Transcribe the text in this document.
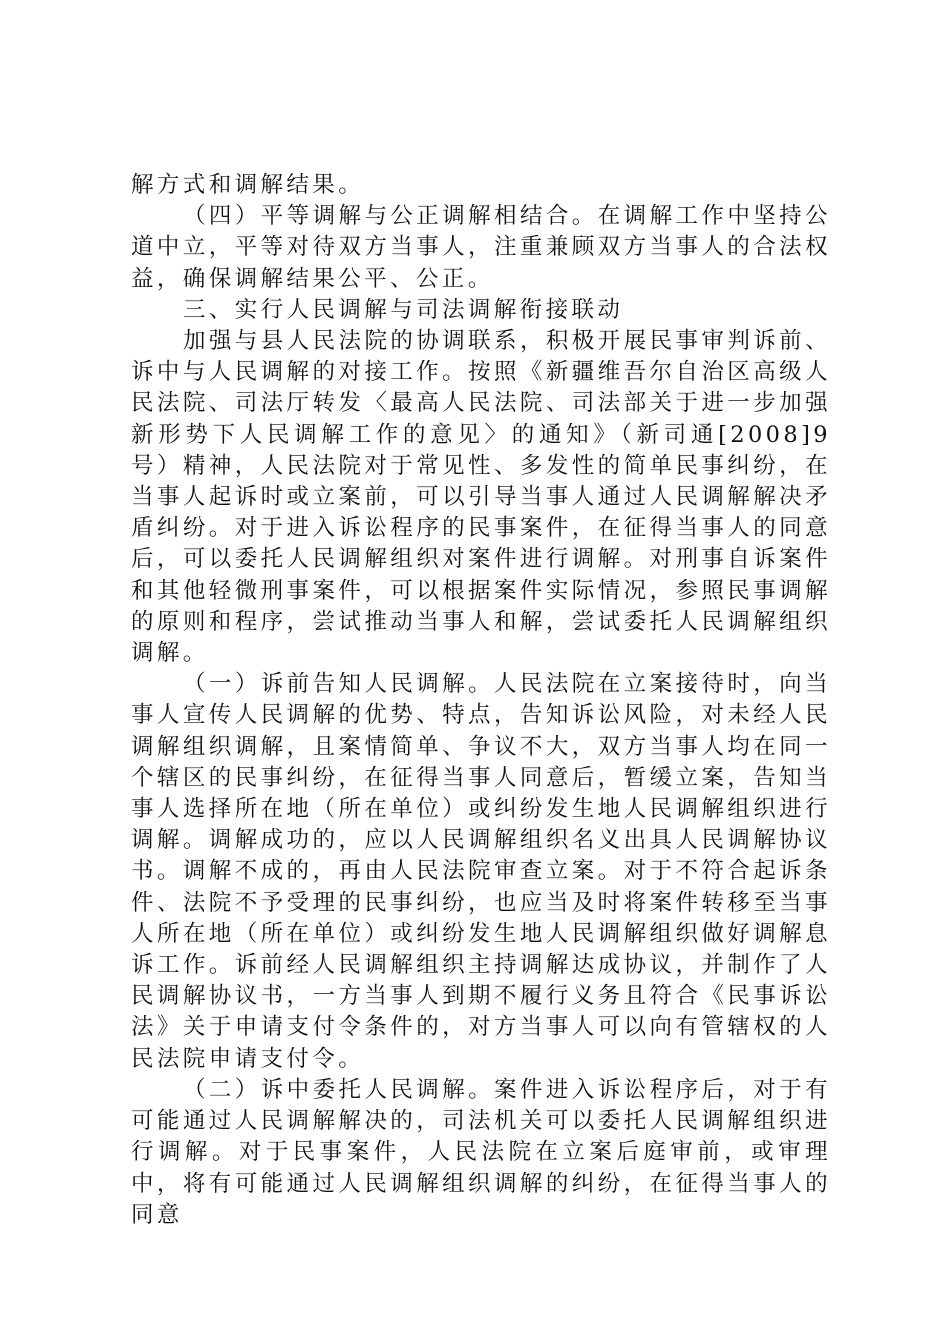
解方式和调解结果。

（四）平等调解与公正调解相结合。在调解工作中坚持公道中立，平等对待双方当事人，注重兼顾双方当事人的合法权益，确保调解结果公平、公正。

三、实行人民调解与司法调解衔接联动

加强与县人民法院的协调联系，积极开展民事审判诉前、诉中与人民调解的对接工作。按照《新疆维吾尔自治区高级人民法院、司法厅转发〈最高人民法院、司法部关于进一步加强新形势下人民调解工作的意见〉的通知》（新司通[2008]9号）精神，人民法院对于常见性、多发性的简单民事纠纷，在当事人起诉时或立案前，可以引导当事人通过人民调解解决矛盾纠纷。对于进入诉讼程序的民事案件，在征得当事人的同意后，可以委托人民调解组织对案件进行调解。对刑事自诉案件和其他轻微刑事案件，可以根据案件实际情况，参照民事调解的原则和程序，尝试推动当事人和解，尝试委托人民调解组织调解。

（一）诉前告知人民调解。人民法院在立案接待时，向当事人宣传人民调解的优势、特点，告知诉讼风险，对未经人民调解组织调解，且案情简单、争议不大，双方当事人均在同一个辖区的民事纠纷，在征得当事人同意后，暂缓立案，告知当事人选择所在地（所在单位）或纠纷发生地人民调解组织进行调解。调解成功的，应以人民调解组织名义出具人民调解协议书。调解不成的，再由人民法院审查立案。对于不符合起诉条件、法院不予受理的民事纠纷，也应当及时将案件转移至当事人所在地（所在单位）或纠纷发生地人民调解组织做好调解息诉工作。诉前经人民调解组织主持调解达成协议，并制作了人民调解协议书，一方当事人到期不履行义务且符合《民事诉讼法》关于申请支付令条件的，对方当事人可以向有管辖权的人民法院申请支付令。

（二）诉中委托人民调解。案件进入诉讼程序后，对于有可能通过人民调解解决的，司法机关可以委托人民调解组织进行调解。对于民事案件，人民法院在立案后庭审前，或审理中，将有可能通过人民调解组织调解的纠纷，在征得当事人的同意
